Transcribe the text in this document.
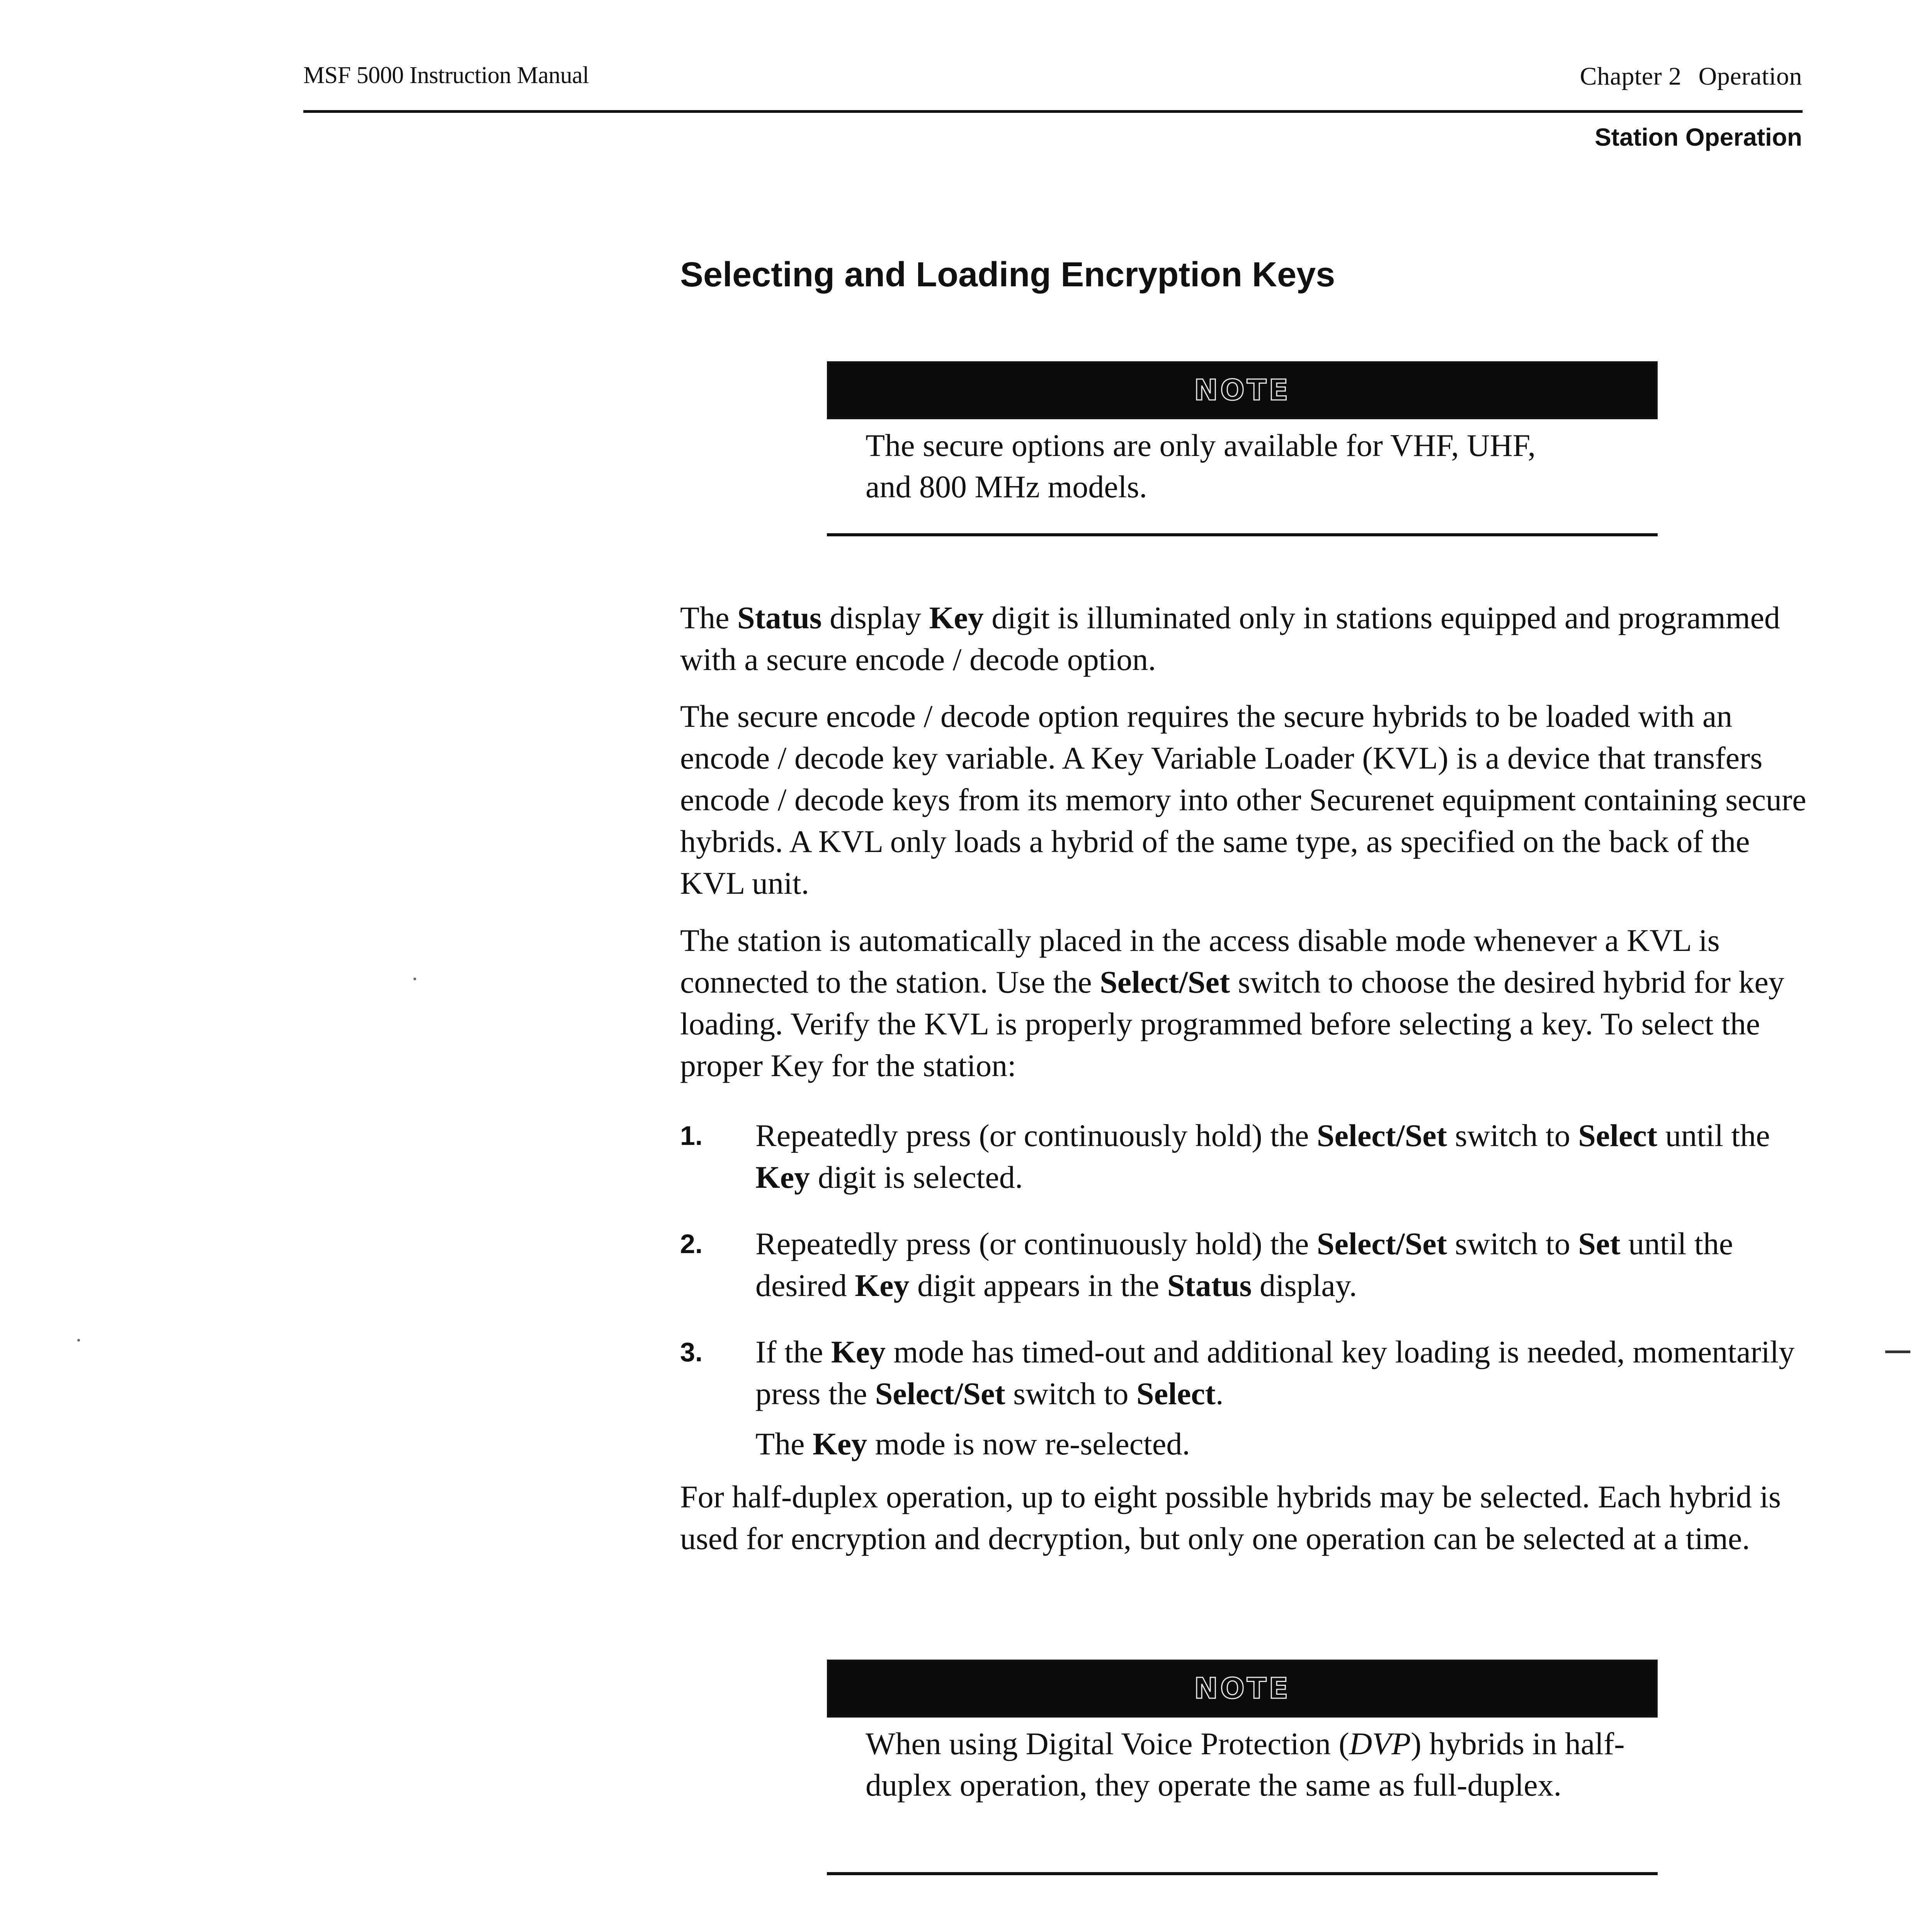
MSF 5000 Instruction Manual	Chapter 2 Operation
Station Operation
Selecting and Loading Encryption Keys
NOTE
The secure options are only available for VHF, UHF,
and 800 MHz models.
The Status display Key digit is illuminated only in stations equipped and programmed with a secure encode / decode option.
The secure encode / decode option requires the secure hybrids to be loaded with an encode / decode key variable. A Key Variable Loader (KVL) is a device that transfers encode / decode keys from its memory into other Securenet equipment containing secure hybrids. A KVL only loads a hybrid of the same type, as specified on the back of the KVL unit.
The station is automatically placed in the access disable mode whenever a KVL is connected to the station. Use the Select/Set switch to choose the desired hybrid for key loading. Verify the KVL is properly programmed before selecting a key. To select the proper Key for the station:
1. Repeatedly press (or continuously hold) the Select/Set switch to Select until the Key digit is selected.
2. Repeatedly press (or continuously hold) the Select/Set switch to Set until the desired Key digit appears in the Status display.
3. If the Key mode has timed-out and additional key loading is needed, momentarily press the Select/Set switch to Select.
The Key mode is now re-selected.
For half-duplex operation, up to eight possible hybrids may be selected. Each hybrid is used for encryption and decryption, but only one operation can be selected at a time.
NOTE
When using Digital Voice Protection (DVP) hybrids in half-duplex operation, they operate the same as full-duplex.
